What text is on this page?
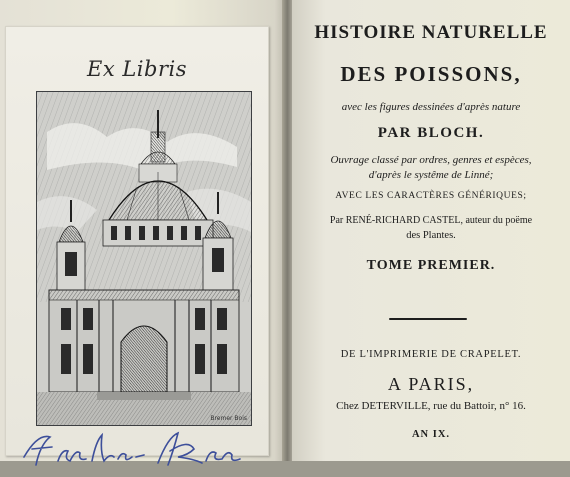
Ex Libris
Bremer Bois
HISTOIRE NATURELLE
DES POISSONS,
avec les figures dessinées d'après nature
PAR BLOCH.
Ouvrage classé par ordres, genres et espèces,
d'après le systême de Linné;
AVEC LES CARACTÈRES GÉNÉRIQUES;
Par RENÉ-RICHARD CASTEL, auteur du poëme
des Plantes.
TOME PREMIER.
DE L'IMPRIMERIE DE CRAPELET.
A PARIS,
Chez DETERVILLE, rue du Battoir, n° 16.
AN IX.
